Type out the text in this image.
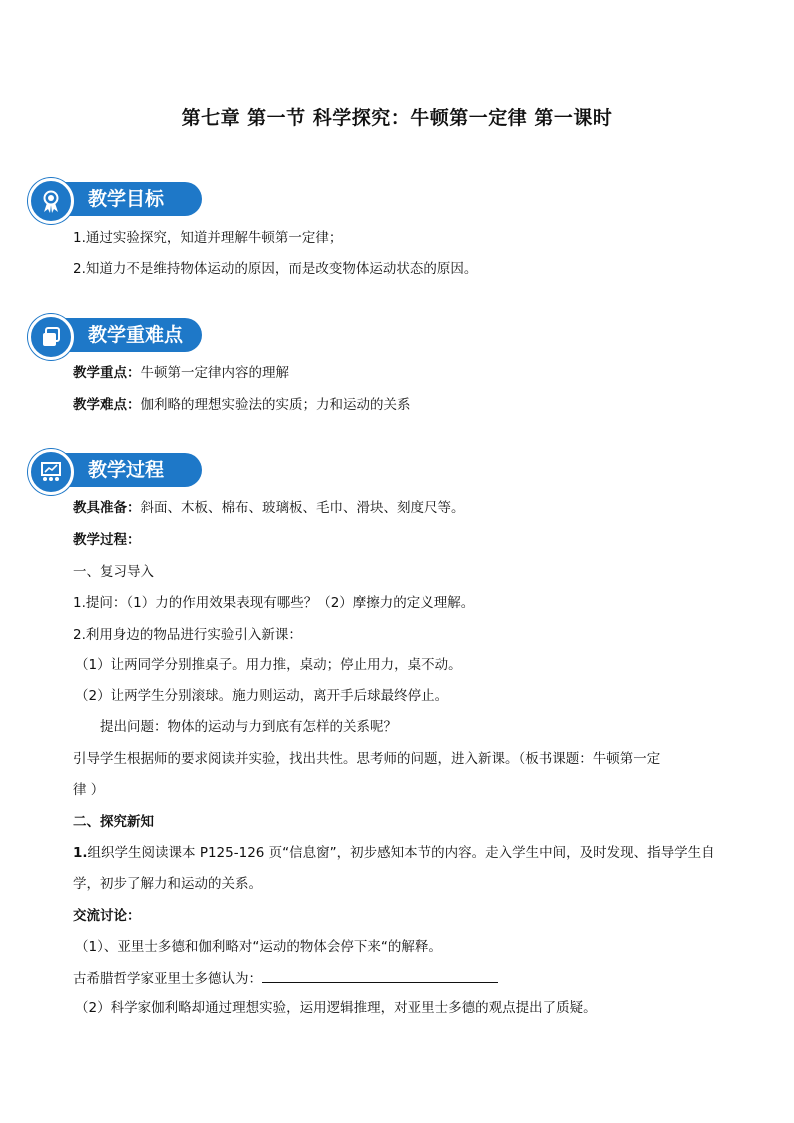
第七章 第一节 科学探究：牛顿第一定律 第一课时
教学目标
1.通过实验探究，知道并理解牛顿第一定律；
2.知道力不是维持物体运动的原因，而是改变物体运动状态的原因。
教学重难点
教学重点：牛顿第一定律内容的理解
教学难点：伽利略的理想实验法的实质；力和运动的关系
教学过程
教具准备：斜面、木板、棉布、玻璃板、毛巾、滑块、刻度尺等。
教学过程：
一、复习导入
1.提问：（1）力的作用效果表现有哪些？（2）摩擦力的定义理解。
2.利用身边的物品进行实验引入新课：
（1）让两同学分别推桌子。用力推，桌动；停止用力，桌不动。
（2）让两学生分别滚球。施力则运动，离开手后球最终停止。
提出问题：物体的运动与力到底有怎样的关系呢？
引导学生根据师的要求阅读并实验，找出共性。思考师的问题，进入新课。（板书课题：牛顿第一定
律 ）
二、探究新知
1.组织学生阅读课本 P125-126 页“信息窗”，初步感知本节的内容。走入学生中间，及时发现、指导学生自
学，初步了解力和运动的关系。
交流讨论：
（1）、亚里士多德和伽利略对“运动的物体会停下来“的解释。
古希腊哲学家亚里士多德认为：
（2）科学家伽利略却通过理想实验，运用逻辑推理，对亚里士多德的观点提出了质疑。
